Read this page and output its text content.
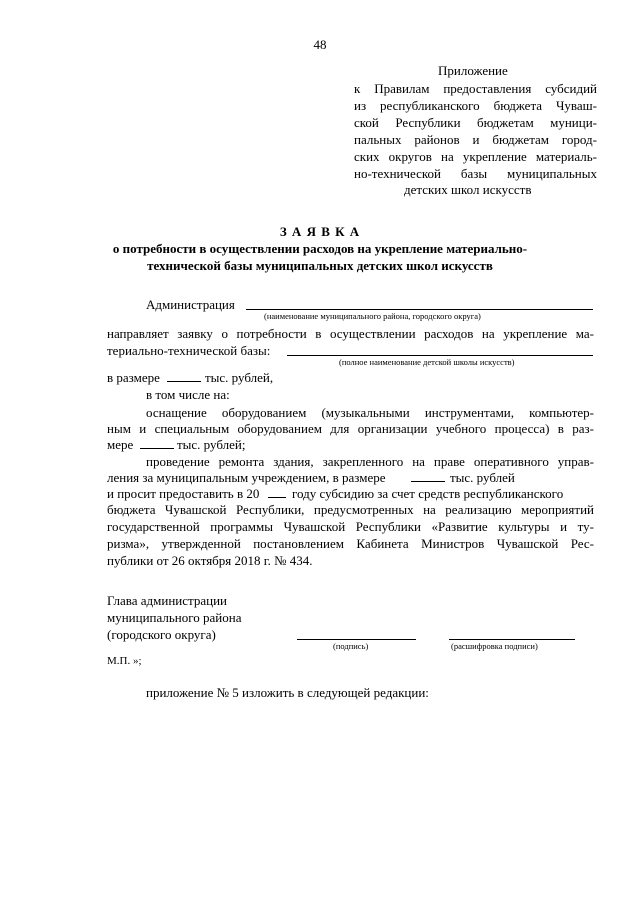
48
Приложение
к Правилам предоставления субсидий
из республиканского бюджета Чуваш-
ской Республики бюджетам муници-
пальных районов и бюджетам город-
ских округов на укрепление материаль-
но-технической базы муниципальных
детских школ искусств
З А Я В К А
о потребности в осуществлении расходов на укрепление материально-
технической базы муниципальных детских школ искусств
Администрация
(наименование муниципального района, городского округа)
направляет заявку о потребности в осуществлении расходов на укрепление ма-
териально-технической базы:
(полное наименование детской школы искусств)
в размере	тыс. рублей,
в том числе на:
оснащение оборудованием (музыкальными инструментами, компьютер-
ным и специальным оборудованием для организации учебного процесса) в раз-
мере	тыс. рублей;
проведение ремонта здания, закрепленного на праве оперативного управ-
ления за муниципальным учреждением, в размере	тыс. рублей
и просит предоставить в 20	году субсидию за счет средств республиканского
бюджета Чувашской Республики, предусмотренных на реализацию мероприятий
государственной программы Чувашской Республики «Развитие культуры и ту-
ризма», утвержденной постановлением Кабинета Министров Чувашской Рес-
публики от 26 октября 2018 г. № 434.
Глава администрации
муниципального района
(городского округа)
(подпись)	(расшифровка подписи)
М.П. »;
приложение № 5 изложить в следующей редакции:
